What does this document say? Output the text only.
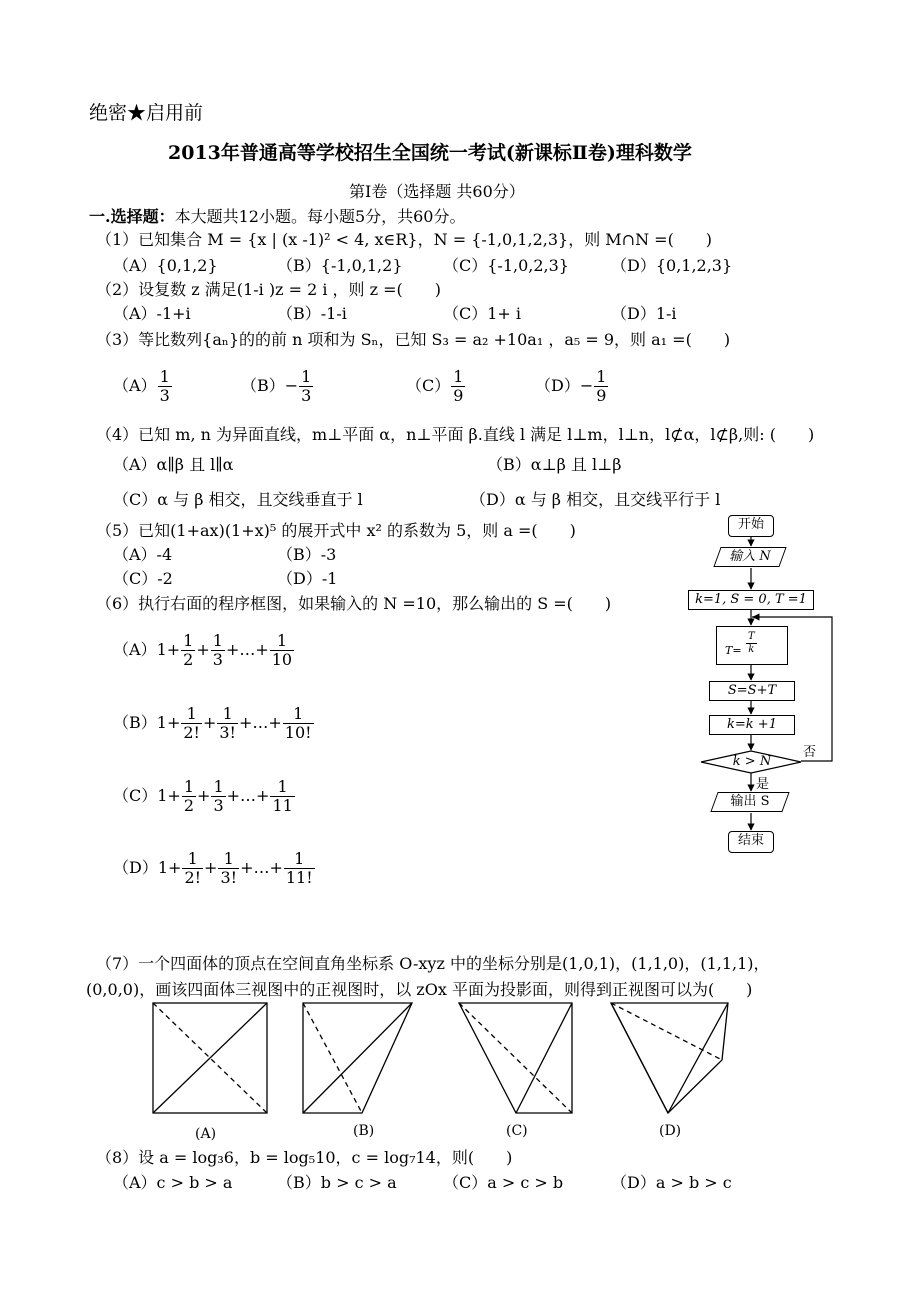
绝密★启用前
2013年普通高等学校招生全国统一考试(新课标Ⅱ卷)理科数学
第Ⅰ卷（选择题 共60分）
一.选择题：本大题共12小题。每小题5分，共60分。
（1）已知集合 M = {x | (x -1)² < 4, x∈R}，N = {-1,0,1,2,3}，则 M∩N =(　　)
（A）{0,1,2}	（B）{-1,0,1,2}	（C）{-1,0,2,3}	（D）{0,1,2,3}
（2）设复数 z 满足(1-i )z = 2 i ，则 z =(　　)
（A）-1+i	（B）-1-i	（C）1+ i	（D）1-i
（3）等比数列{aₙ}的的前 n 项和为 Sₙ，已知 S₃ = a₂ +10a₁ ，a₅ = 9，则 a₁ =(　　)
$(A) \frac{1}{3}$	$(B)- \frac{1}{3}$	$(C) \frac{1}{9}$	$(D)- \frac{1}{9}$
（4）已知 m, n 为异面直线，m⊥平面 α，n⊥平面 β.直线 l 满足 l⊥m，l⊥n，l⊄α，l⊄β,则: (　　)
（A）α∥β 且 l∥α	（B）α⊥β 且 l⊥β
（C）α 与 β 相交，且交线垂直于 l	（D）α 与 β 相交，且交线平行于 l
（5）已知(1+ax)(1+x)⁵ 的展开式中 x² 的系数为 5，则 a =(　　)
（A）-4	（B）-3
（C）-2	（D）-1
（6）执行右面的程序框图，如果输入的 N =10，那么输出的 S =(　　)
$(A)1+ \frac{1}{2} + \frac{1}{3}$ +…+ $\frac{1}{10}$
$(B)1+ \frac{1}{2!} + \frac{1}{3!}$ +…+ $\frac{1}{10!}$
$(C)1+ \frac{1}{2} + \frac{1}{3}$ +…+ $\frac{1}{11}$
$(D)1+ \frac{1}{2!} + \frac{1}{3!}$ +…+ $\frac{1}{11!}$
开始
输入 N
k=1, S = 0, T =1
$T= \frac{T}{k}$
S=S+T
k=k +1
k > N
是
否
输出 S
结束
（7）一个四面体的顶点在空间直角坐标系 O-xyz 中的坐标分别是(1,0,1)，(1,1,0)，(1,1,1)，
(0,0,0)，画该四面体三视图中的正视图时，以 zOx 平面为投影面，则得到正视图可以为(　　)
(A)	(B)	(C)	(D)
（8）设 a = log₃6，b = log₅10，c = log₇14，则(　　)
（A）c > b > a	（B）b > c > a	（C）a > c > b	（D）a > b > c
